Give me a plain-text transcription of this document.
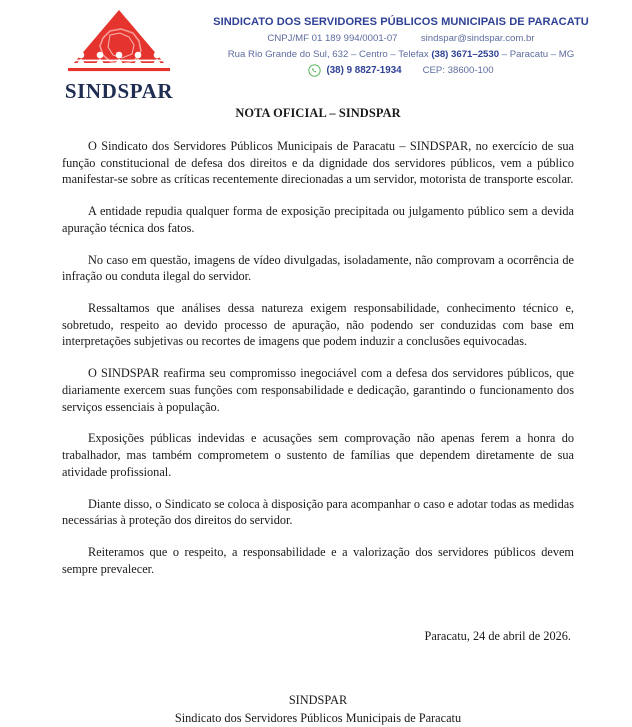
SINDSPAR
SINDICATO DOS SERVIDORES PÚBLICOS MUNICIPAIS DE PARACATU
CNPJ/MF 01 189 994/0001-07 sindspar@sindspar.com.br
Rua Rio Grande do Sul, 632 – Centro – Telefax (38) 3671–2530 – Paracatu – MG
(38) 9 8827-1934 CEP: 38600-100
NOTA OFICIAL – SINDSPAR

O Sindicato dos Servidores Públicos Municipais de Paracatu – SINDSPAR, no exercício de sua função constitucional de defesa dos direitos e da dignidade dos servidores públicos, vem a público manifestar-se sobre as críticas recentemente direcionadas a um servidor, motorista de transporte escolar.

A entidade repudia qualquer forma de exposição precipitada ou julgamento público sem a devida apuração técnica dos fatos.

No caso em questão, imagens de vídeo divulgadas, isoladamente, não comprovam a ocorrência de infração ou conduta ilegal do servidor.

Ressaltamos que análises dessa natureza exigem responsabilidade, conhecimento técnico e, sobretudo, respeito ao devido processo de apuração, não podendo ser conduzidas com base em interpretações subjetivas ou recortes de imagens que podem induzir a conclusões equivocadas.

O SINDSPAR reafirma seu compromisso inegociável com a defesa dos servidores públicos, que diariamente exercem suas funções com responsabilidade e dedicação, garantindo o funcionamento dos serviços essenciais à população.

Exposições públicas indevidas e acusações sem comprovação não apenas ferem a honra do trabalhador, mas também comprometem o sustento de famílias que dependem diretamente de sua atividade profissional.

Diante disso, o Sindicato se coloca à disposição para acompanhar o caso e adotar todas as medidas necessárias à proteção dos direitos do servidor.

Reiteramos que o respeito, a responsabilidade e a valorização dos servidores públicos devem sempre prevalecer.

Paracatu, 24 de abril de 2026.
SINDSPAR
Sindicato dos Servidores Públicos Municipais de Paracatu
